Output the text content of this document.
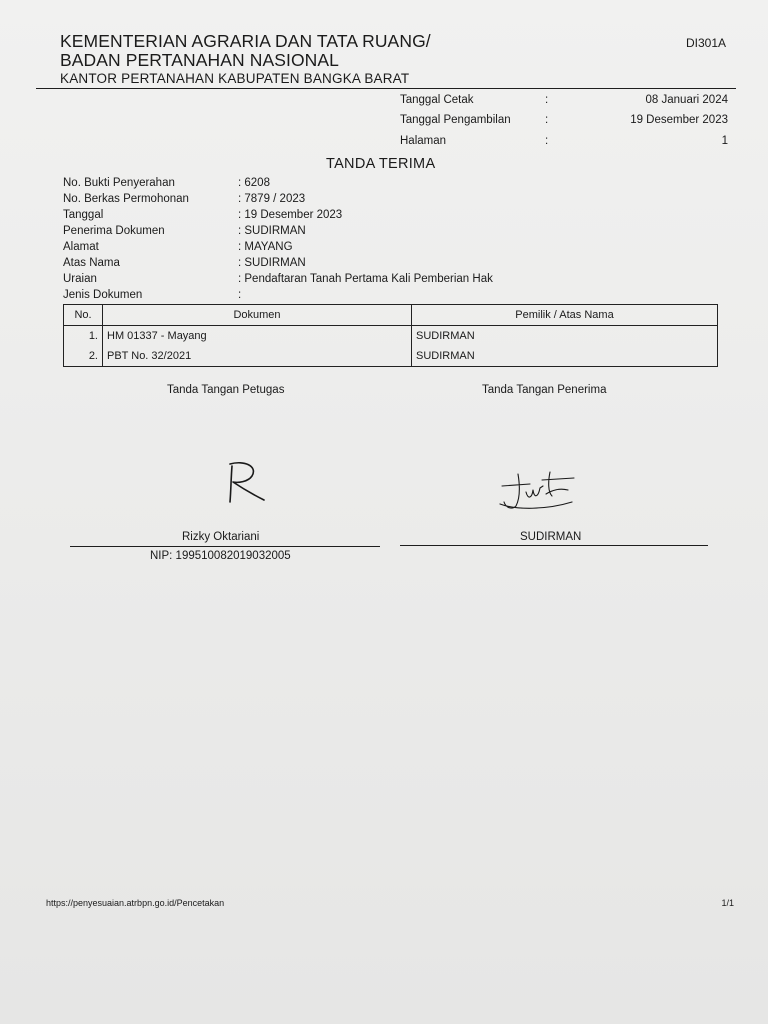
KEMENTERIAN AGRARIA DAN TATA RUANG/
BADAN PERTANAHAN NASIONAL
KANTOR PERTANAHAN KABUPATEN BANGKA BARAT
DI301A
Tanggal Cetak	:	08 Januari 2024
Tanggal Pengambilan	:	19 Desember 2023
Halaman	:	1
TANDA TERIMA
No. Bukti Penyerahan	: 6208
No. Berkas Permohonan	: 7879 / 2023
Tanggal	: 19 Desember 2023
Penerima Dokumen	: SUDIRMAN
Alamat	: MAYANG
Atas Nama	: SUDIRMAN
Uraian	: Pendaftaran Tanah Pertama Kali Pemberian Hak
Jenis Dokumen	:
No.	Dokumen	Pemilik / Atas Nama
1.	HM 01337 - Mayang	SUDIRMAN
2.	PBT No. 32/2021	SUDIRMAN
Tanda Tangan Petugas	Tanda Tangan Penerima
Rizky Oktariani	SUDIRMAN
NIP: 199510082019032005
https://penyesuaian.atrbpn.go.id/Pencetakan	1/1
